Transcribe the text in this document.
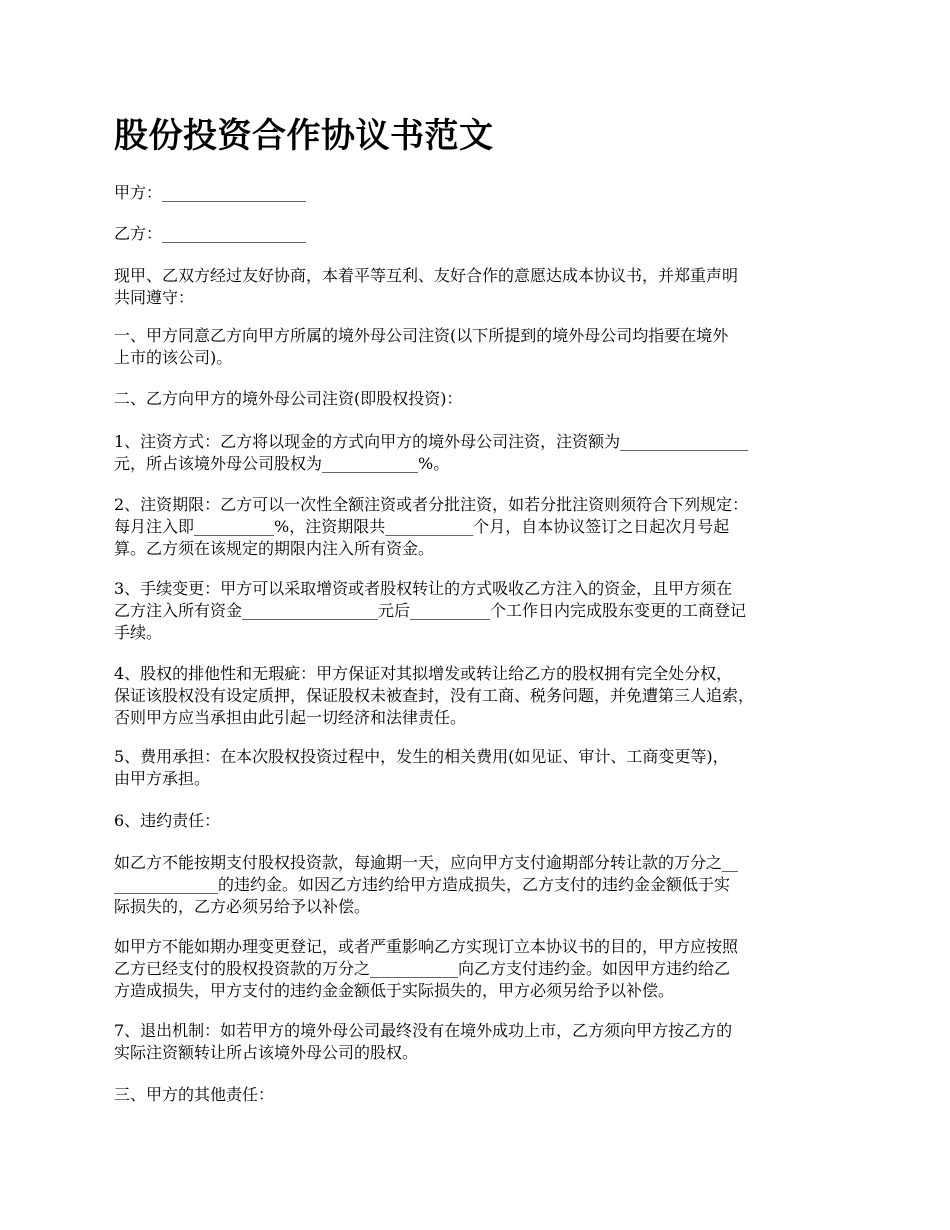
股份投资合作协议书范文

甲方：__________________

乙方：__________________

现甲、乙双方经过友好协商，本着平等互利、友好合作的意愿达成本协议书，并郑重声明
共同遵守：

一、甲方同意乙方向甲方所属的境外母公司注资(以下所提到的境外母公司均指要在境外
上市的该公司)。

二、乙方向甲方的境外母公司注资(即股权投资)：

1、注资方式：乙方将以现金的方式向甲方的境外母公司注资，注资额为________________
元，所占该境外母公司股权为____________%。

2、注资期限：乙方可以一次性全额注资或者分批注资，如若分批注资则须符合下列规定：
每月注入即__________%，注资期限共___________个月，自本协议签订之日起次月号起
算。乙方须在该规定的期限内注入所有资金。

3、手续变更：甲方可以采取增资或者股权转让的方式吸收乙方注入的资金，且甲方须在
乙方注入所有资金_________________元后__________个工作日内完成股东变更的工商登记
手续。

4、股权的排他性和无瑕疵：甲方保证对其拟增发或转让给乙方的股权拥有完全处分权，
保证该股权没有设定质押，保证股权未被查封，没有工商、税务问题，并免遭第三人追索，
否则甲方应当承担由此引起一切经济和法律责任。

5、费用承担：在本次股权投资过程中，发生的相关费用(如见证、审计、工商变更等)，
由甲方承担。

6、违约责任：

如乙方不能按期支付股权投资款，每逾期一天，应向甲方支付逾期部分转让款的万分之__
_____________的违约金。如因乙方违约给甲方造成损失，乙方支付的违约金金额低于实
际损失的，乙方必须另给予以补偿。

如甲方不能如期办理变更登记，或者严重影响乙方实现订立本协议书的目的，甲方应按照
乙方已经支付的股权投资款的万分之___________向乙方支付违约金。如因甲方违约给乙
方造成损失，甲方支付的违约金金额低于实际损失的，甲方必须另给予以补偿。

7、退出机制：如若甲方的境外母公司最终没有在境外成功上市，乙方须向甲方按乙方的
实际注资额转让所占该境外母公司的股权。

三、甲方的其他责任：
